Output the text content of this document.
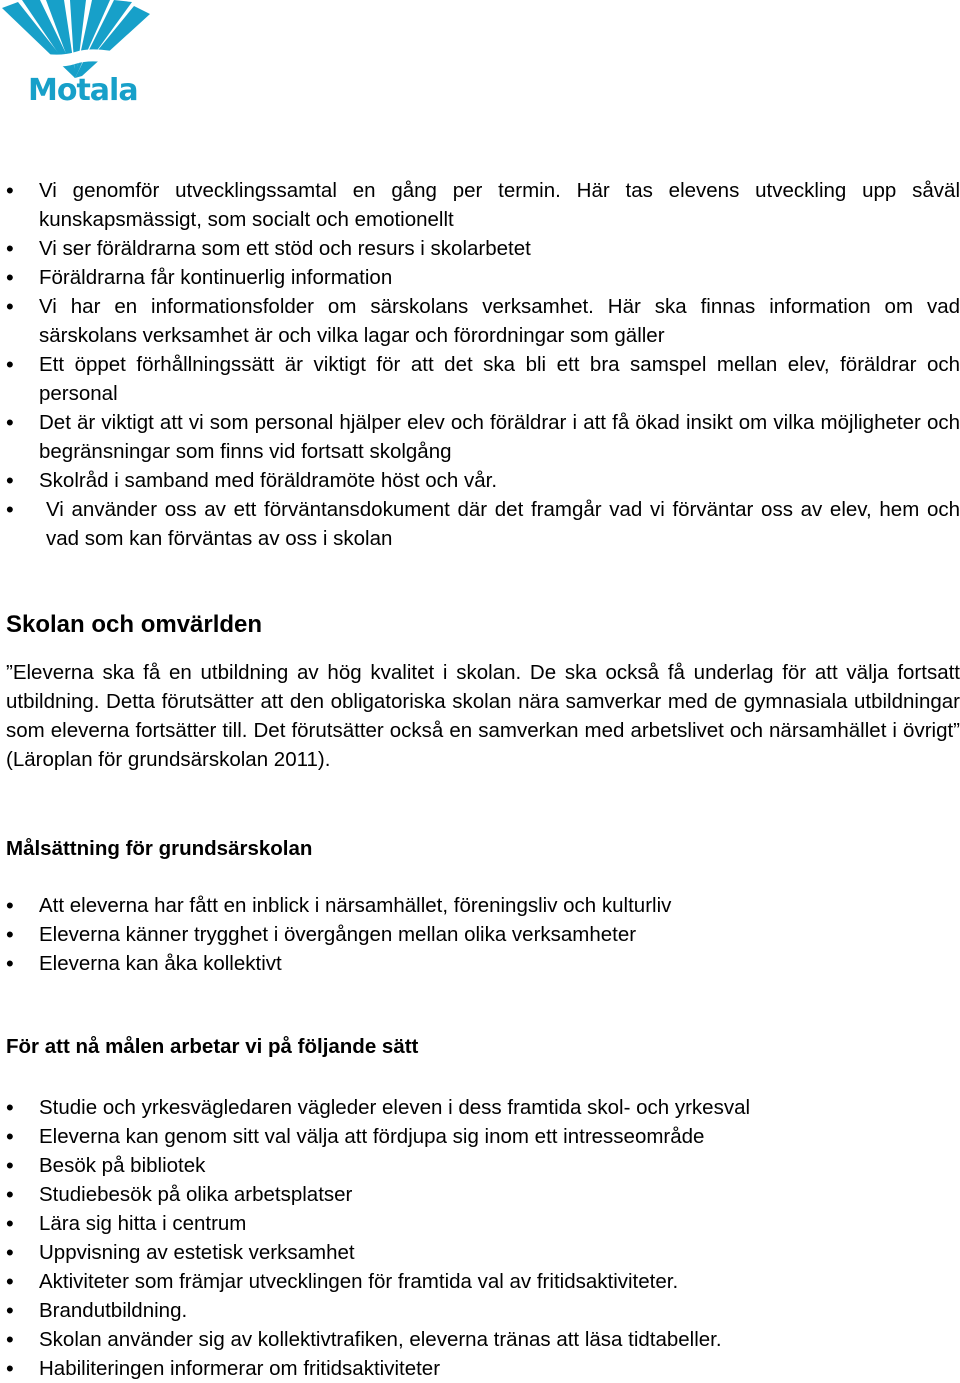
Motala
• Vi genomför utvecklingssamtal en gång per termin. Här tas elevens utveckling upp såväl kunskapsmässigt, som socialt och emotionellt
• Vi ser föräldrarna som ett stöd och resurs i skolarbetet
• Föräldrarna får kontinuerlig information
• Vi har en informationsfolder om särskolans verksamhet. Här ska finnas information om vad särskolans verksamhet är och vilka lagar och förordningar som gäller
• Ett öppet förhållningssätt är viktigt för att det ska bli ett bra samspel mellan elev, föräldrar och personal
• Det är viktigt att vi som personal hjälper elev och föräldrar i att få ökad insikt om vilka möjligheter och begränsningar som finns vid fortsatt skolgång
• Skolråd i samband med föräldramöte höst och vår.
• Vi använder oss av ett förväntansdokument där det framgår vad vi förväntar oss av elev, hem och vad som kan förväntas av oss i skolan
Skolan och omvärlden
”Eleverna ska få en utbildning av hög kvalitet i skolan. De ska också få underlag för att välja fortsatt utbildning. Detta förutsätter att den obligatoriska skolan nära samverkar med de gymnasiala utbildningar som eleverna fortsätter till. Det förutsätter också en samverkan med arbetslivet och närsamhället i övrigt” (Läroplan för grundsärskolan 2011).
Målsättning för grundsärskolan
• Att eleverna har fått en inblick i närsamhället, föreningsliv och kulturliv
• Eleverna känner trygghet i övergången mellan olika verksamheter
• Eleverna kan åka kollektivt
För att nå målen arbetar vi på följande sätt
• Studie och yrkesvägledaren vägleder eleven i dess framtida skol- och yrkesval
• Eleverna kan genom sitt val välja att fördjupa sig inom ett intresseområde
• Besök på bibliotek
• Studiebesök på olika arbetsplatser
• Lära sig hitta i centrum
• Uppvisning av estetisk verksamhet
• Aktiviteter som främjar utvecklingen för framtida val av fritidsaktiviteter.
• Brandutbildning.
• Skolan använder sig av kollektivtrafiken, eleverna tränas att läsa tidtabeller.
• Habiliteringen informerar om fritidsaktiviteter
